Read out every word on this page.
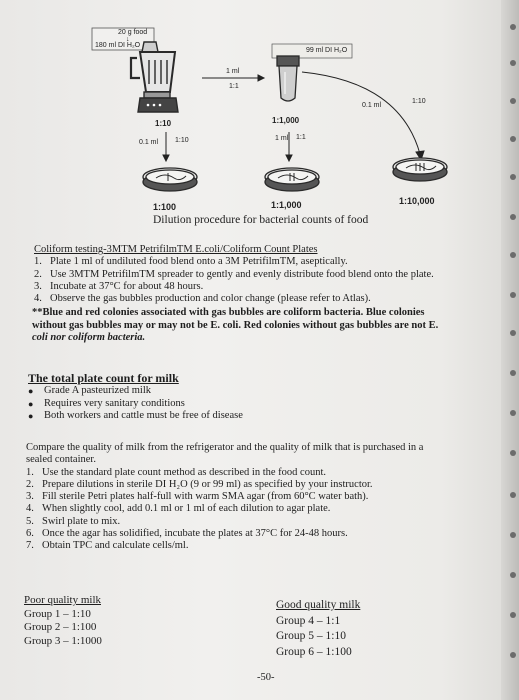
20 g food
↓
180 ml DI H₂O
99 ml DI H₂O
1 ml
1:1
1:10	1:1,000
0.1 ml 1:10	1 ml 1:1
0.1 ml
1:10
1:100	1:1,000	1:10,000
Dilution procedure for bacterial counts of food
Coliform testing-3MTM PetrifilmTM E.coli/Coliform Count Plates
1. Plate 1 ml of undiluted food blend onto a 3M PetrifilmTM, aseptically.
2. Use 3MTM PetrifilmTM spreader to gently and evenly distribute food blend onto the plate.
3. Incubate at 37°C for about 48 hours.
4. Observe the gas bubbles production and color change (please refer to Atlas).
**Blue and red colonies associated with gas bubbles are coliform bacteria. Blue colonies
without gas bubbles may or may not be E. coli. Red colonies without gas bubbles are not E.
coli nor coliform bacteria.
The total plate count for milk
● Grade A pasteurized milk
● Requires very sanitary conditions
● Both workers and cattle must be free of disease
Compare the quality of milk from the refrigerator and the quality of milk that is purchased in a
sealed container.
1. Use the standard plate count method as described in the food count.
2. Prepare dilutions in sterile DI H₂O (9 or 99 ml) as specified by your instructor.
3. Fill sterile Petri plates half-full with warm SMA agar (from 60°C water bath).
4. When slightly cool, add 0.1 ml or 1 ml of each dilution to agar plate.
5. Swirl plate to mix.
6. Once the agar has solidified, incubate the plates at 37°C for 24-48 hours.
7. Obtain TPC and calculate cells/ml.
Poor quality milk
Group 1 – 1:10
Group 2 – 1:100
Group 3 – 1:1000
Good quality milk
Group 4 – 1:1
Group 5 – 1:10
Group 6 – 1:100
-50-
